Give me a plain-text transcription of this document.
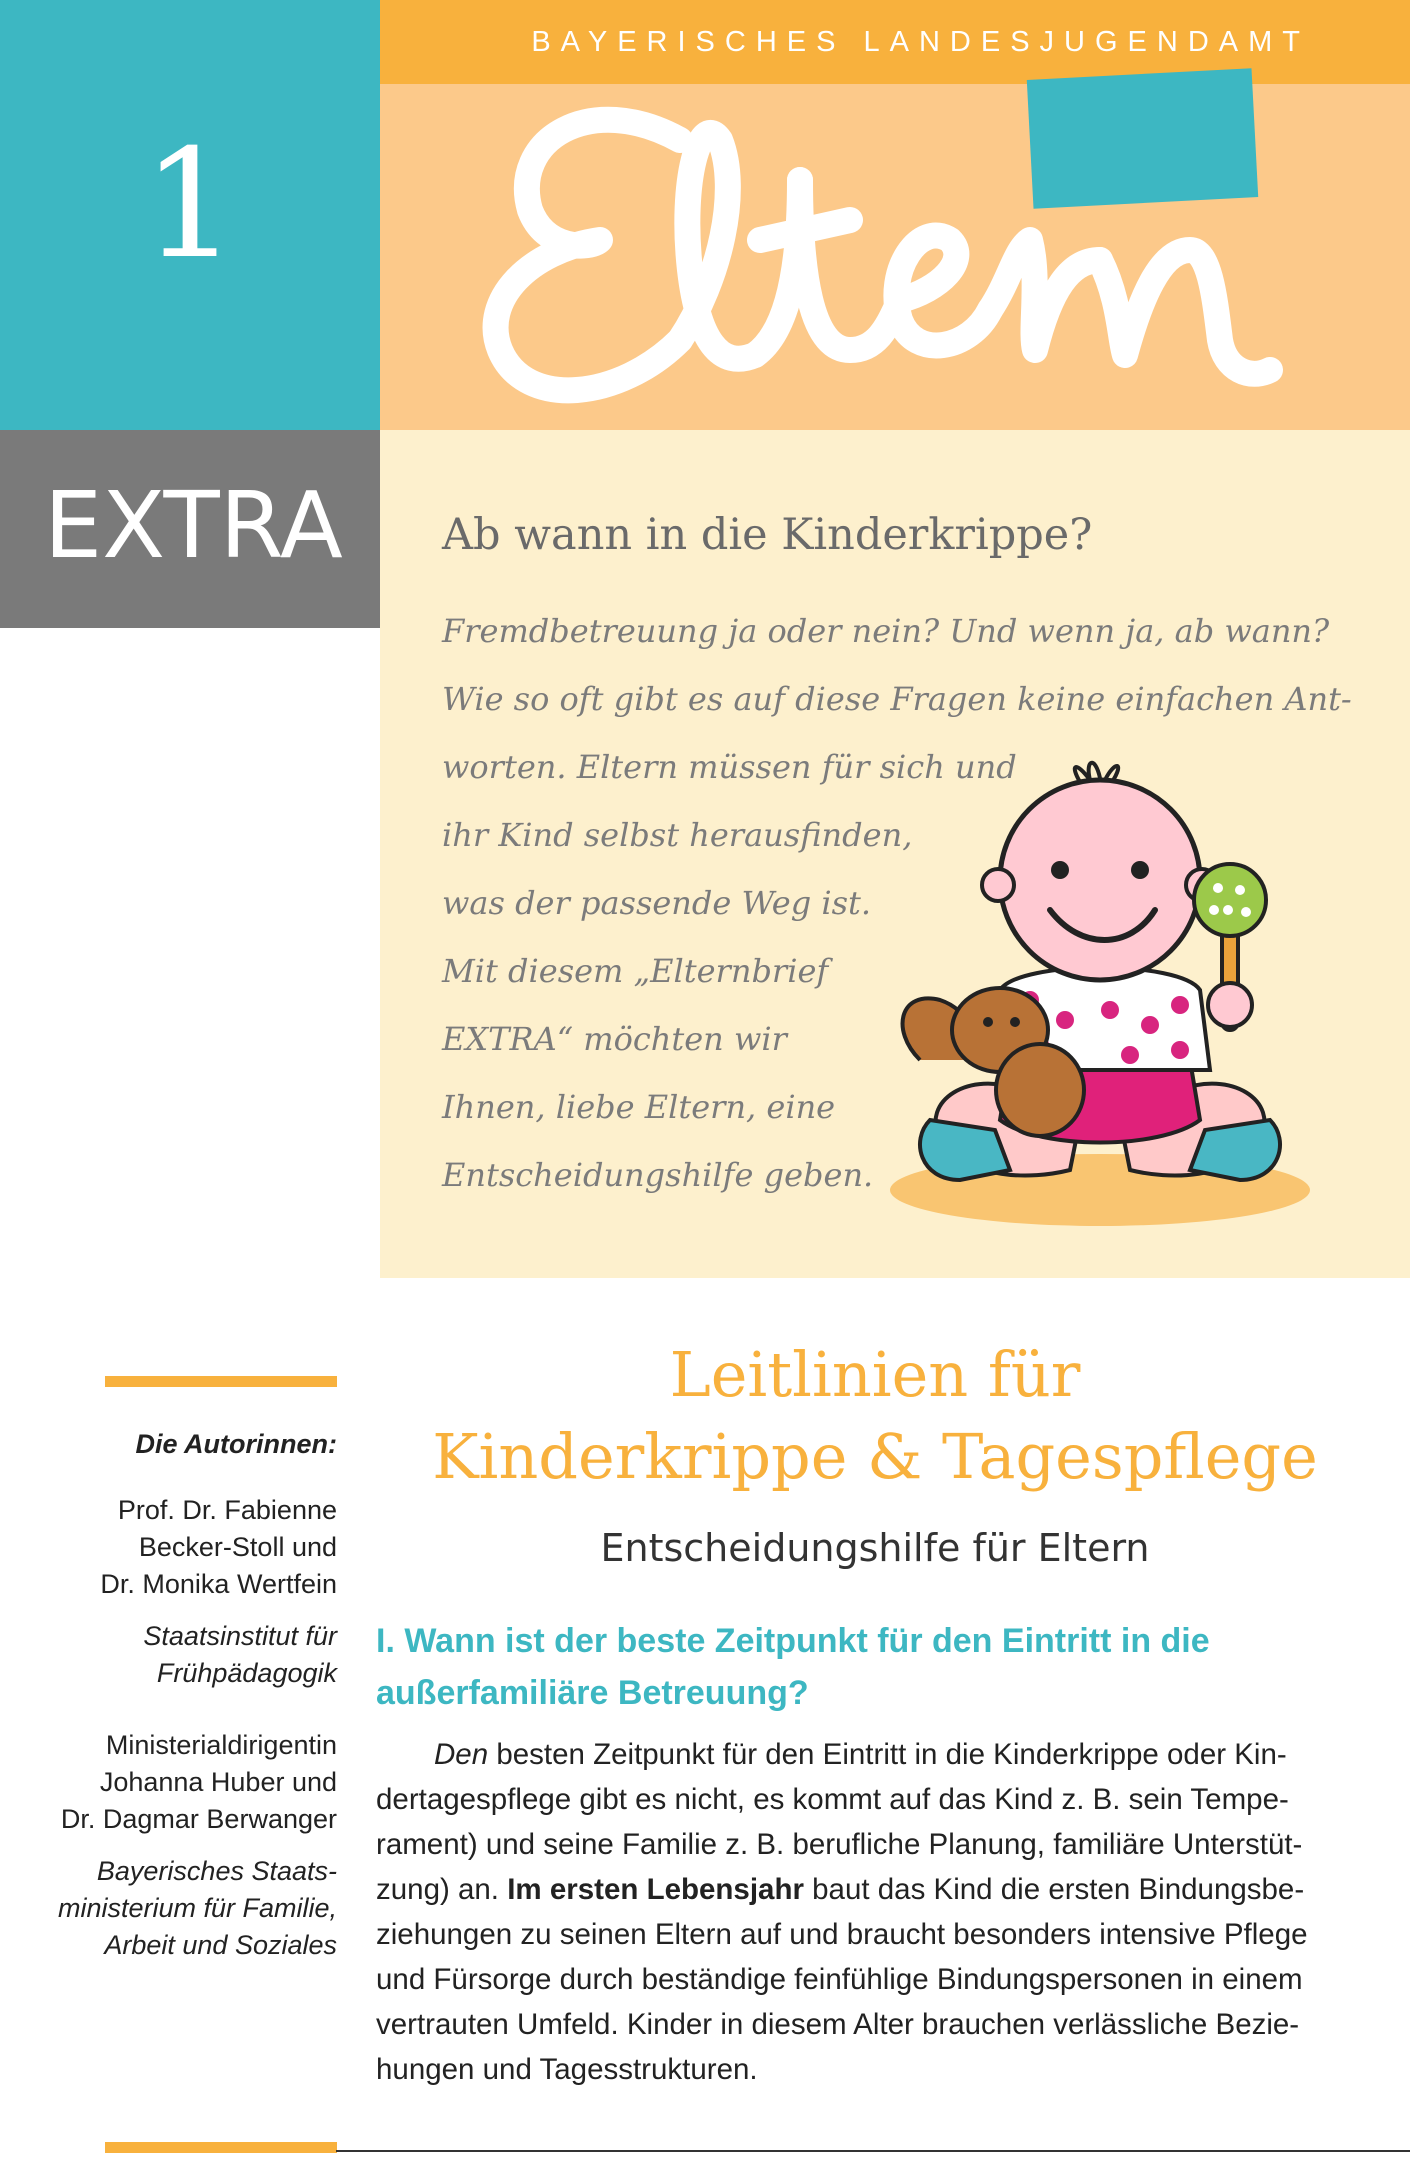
1
BAYERISCHES LANDESJUGENDAMT
EXTRA Ab wann in die Kinderkrippe?
Fremdbetreuung ja oder nein? Und wenn ja, ab wann?
Wie so oft gibt es auf diese Fragen keine einfachen Ant-
worten. Eltern müssen für sich und
ihr Kind selbst herausfinden,
was der passende Weg ist.
Mit diesem „Elternbrief
EXTRA“ möchten wir
Ihnen, liebe Eltern, eine
Entscheidungshilfe geben.
Die Autorinnen:
Prof. Dr. Fabienne
Becker-Stoll und
Dr. Monika Wertfein
Staatsinstitut für
Frühpädagogik
Ministerialdirigentin
Johanna Huber und
Dr. Dagmar Berwanger
Bayerisches Staats-
ministerium für Familie,
Arbeit und Soziales
Leitlinien für
Kinderkrippe & Tagespflege
Entscheidungshilfe für Eltern
I. Wann ist der beste Zeitpunkt für den Eintritt in die
außerfamiliäre Betreuung?
Den besten Zeitpunkt für den Eintritt in die Kinderkrippe oder Kin-
dertagespflege gibt es nicht, es kommt auf das Kind z. B. sein Tempe-
rament) und seine Familie z. B. berufliche Planung, familiäre Unterstüt-
zung) an. Im ersten Lebensjahr baut das Kind die ersten Bindungsbe-
ziehungen zu seinen Eltern auf und braucht besonders intensive Pflege
und Fürsorge durch beständige feinfühlige Bindungspersonen in einem
vertrauten Umfeld. Kinder in diesem Alter brauchen verlässliche Bezie-
hungen und Tagesstrukturen.
